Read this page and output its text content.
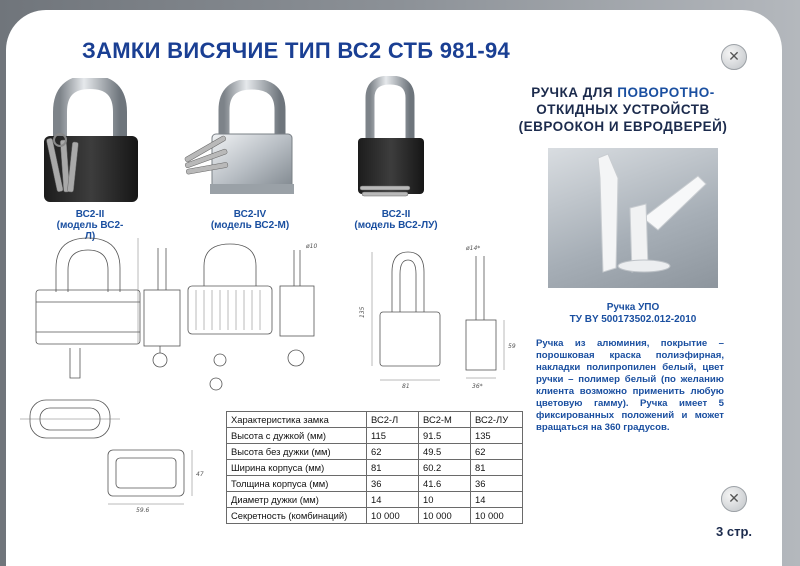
ЗАМКИ ВИСЯЧИЕ ТИП ВС2 СТБ 981-94	✕
✕
ВС2-II
(модель ВС2-Л)
ВС2-IV
(модель ВС2-М)
ВС2-II
(модель ВС2-ЛУ)
РУЧКА ДЛЯ ПОВОРОТНО-
ОТКИДНЫХ УСТРОЙСТВ
(ЕВРООКОН И ЕВРОДВЕРЕЙ)
Ручка УПО
ТУ BY 500173502.012-2010
Ручка из алюминия, покрытие – порошковая краска полиэфирная, накладки полипропилен белый, цвет ручки – полимер белый (по желанию клиента возможно применить любую цветовую гамму). Ручка имеет 5 фиксированных положений и может вращаться на 360 градусов.
ø10
135
81
ø14*
36*
59
59.6
47
Характеристика замка	ВС2-Л	ВС2-М	ВС2-ЛУ
Высота с дужкой (мм)	115	91.5	135
Высота без дужки (мм)	62	49.5	62
Ширина корпуса (мм)	81	60.2	81
Толщина корпуса (мм)	36	41.6	36
Диаметр дужки (мм)	14	10	14
Секретность (комбинаций)	10 000	10 000	10 000
3 стр.
AvizInfo.kz
